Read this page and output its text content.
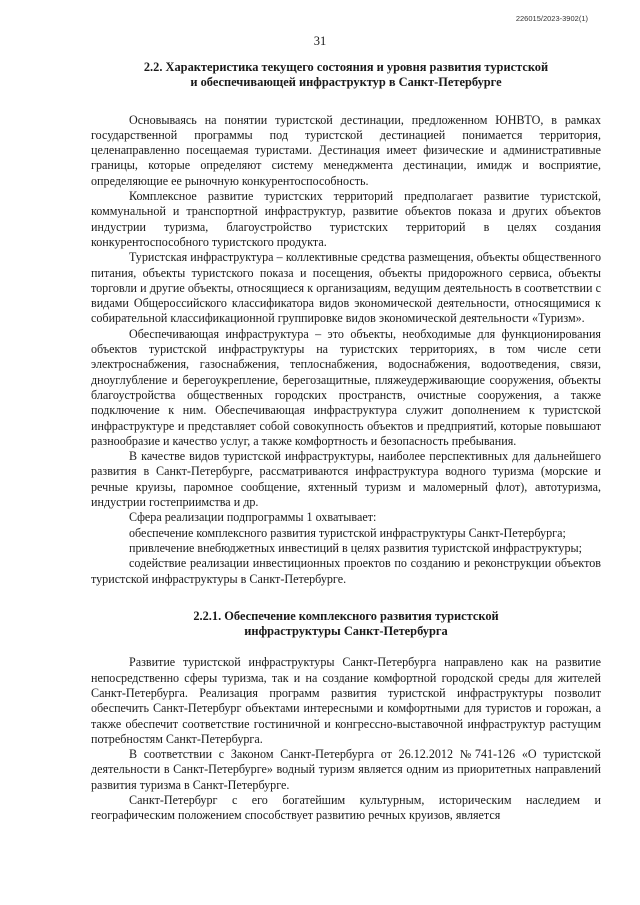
226015/2023-3902(1)
31

2.2. Характеристика текущего состояния и уровня развития туристской

и обеспечивающей инфраструктур в Санкт-Петербурге

Основываясь на понятии туристской дестинации, предложенном ЮНВТО, в рамках государственной программы под туристской дестинацией понимается территория, целенаправленно посещаемая туристами. Дестинация имеет физические и административные границы, которые определяют систему менеджмента дестинации, имидж и восприятие, определяющие ее рыночную конкурентоспособность.

Комплексное развитие туристских территорий предполагает развитие туристской, коммунальной и транспортной инфраструктур, развитие объектов показа и других объектов индустрии туризма, благоустройство туристских территорий в целях создания конкурентоспособного туристского продукта.

Туристская инфраструктура – коллективные средства размещения, объекты общественного питания, объекты туристского показа и посещения, объекты придорожного сервиса, объекты торговли и другие объекты, относящиеся к организациям, ведущим деятельность в соответствии с видами Общероссийского классификатора видов экономической деятельности, относящимися к собирательной классификационной группировке видов экономической деятельности «Туризм».

Обеспечивающая инфраструктура – это объекты, необходимые для функционирования объектов туристской инфраструктуры на туристских территориях, в том числе сети электроснабжения, газоснабжения, теплоснабжения, водоснабжения, водоотведения, связи, дноуглубление и берегоукрепление, берегозащитные, пляжеудерживающие сооружения, объекты благоустройства общественных городских пространств, очистные сооружения, а также подключение к ним. Обеспечивающая инфраструктура служит дополнением к туристской инфраструктуре и представляет собой совокупность объектов и предприятий, которые повышают разнообразие и качество услуг, а также комфортность и безопасность пребывания.

В качестве видов туристской инфраструктуры, наиболее перспективных для дальнейшего развития в Санкт-Петербурге, рассматриваются инфраструктура водного туризма (морские и речные круизы, паромное сообщение, яхтенный туризм и маломерный флот), автотуризма, индустрии гостеприимства и др.

Сфера реализации подпрограммы 1 охватывает:

обеспечение комплексного развития туристской инфраструктуры Санкт-Петербурга;

привлечение внебюджетных инвестиций в целях развития туристской инфраструктуры;

содействие реализации инвестиционных проектов по созданию и реконструкции объектов туристской инфраструктуры в Санкт-Петербурге.

2.2.1. Обеспечение комплексного развития туристской

инфраструктуры Санкт-Петербурга

Развитие туристской инфраструктуры Санкт-Петербурга направлено как на развитие непосредственно сферы туризма, так и на создание комфортной городской среды для жителей Санкт-Петербурга. Реализация программ развития туристской инфраструктуры позволит обеспечить Санкт-Петербург объектами интересными и комфортными для туристов и горожан, а также обеспечит соответствие гостиничной и конгрессно-выставочной инфраструктур растущим потребностям Санкт-Петербурга.

В соответствии с Законом Санкт-Петербурга от 26.12.2012 №741-126 «О туристской деятельности в Санкт-Петербурге» водный туризм является одним из приоритетных направлений развития туризма в Санкт-Петербурге.

Санкт-Петербург с его богатейшим культурным, историческим наследием и географическим положением способствует развитию речных круизов, является
